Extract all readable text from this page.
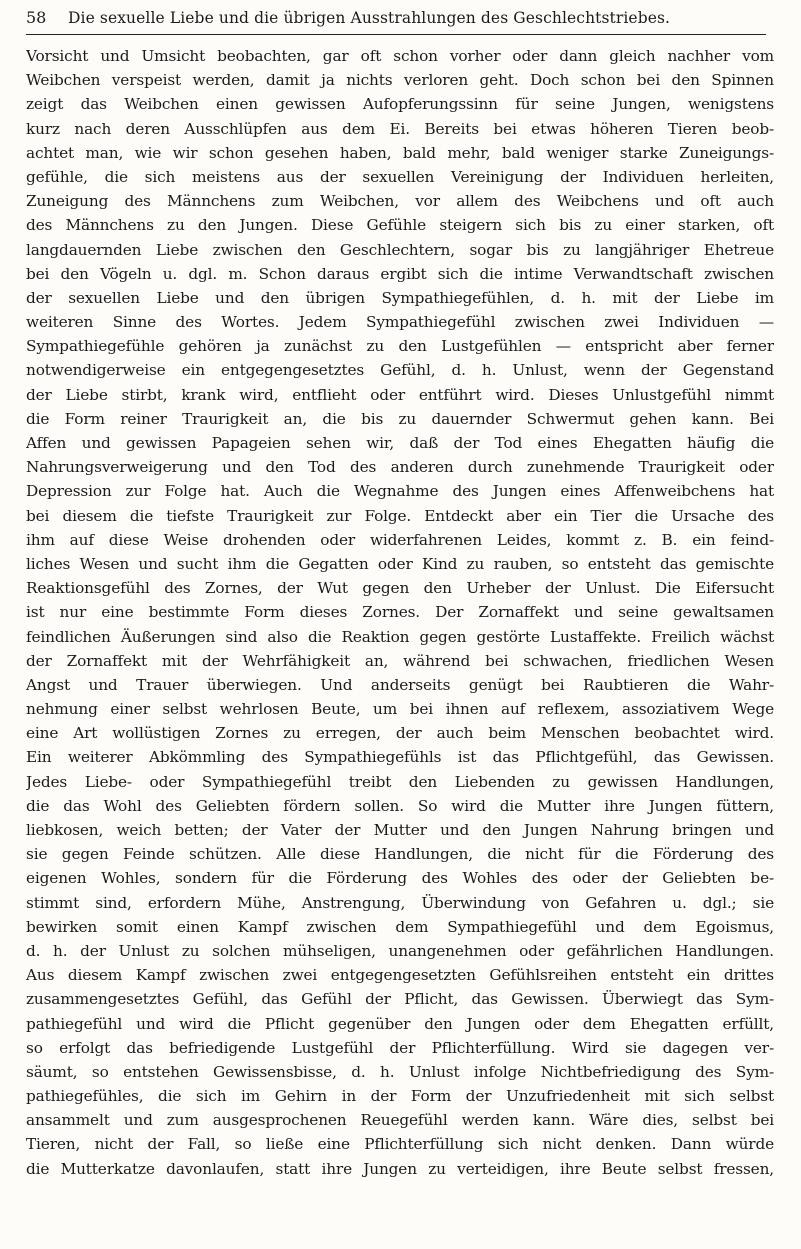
58	Die sexuelle Liebe und die übrigen Ausstrahlungen des Geschlechtstriebes.
Vorsicht und Umsicht beobachten, gar oft schon vorher oder dann gleich nachher vom
Weibchen verspeist werden, damit ja nichts verloren geht. Doch schon bei den Spinnen
zeigt das Weibchen einen gewissen Aufopferungssinn für seine Jungen, wenigstens
kurz nach deren Ausschlüpfen aus dem Ei. Bereits bei etwas höheren Tieren beob-
achtet man, wie wir schon gesehen haben, bald mehr, bald weniger starke Zuneigungs-
gefühle, die sich meistens aus der sexuellen Vereinigung der Individuen herleiten,
Zuneigung des Männchens zum Weibchen, vor allem des Weibchens und oft auch
des Männchens zu den Jungen. Diese Gefühle steigern sich bis zu einer starken, oft
langdauernden Liebe zwischen den Geschlechtern, sogar bis zu langjähriger Ehetreue
bei den Vögeln u. dgl. m. Schon daraus ergibt sich die intime Verwandtschaft zwischen
der sexuellen Liebe und den übrigen Sympathiegefühlen, d. h. mit der Liebe im
weiteren Sinne des Wortes. Jedem Sympathiegefühl zwischen zwei Individuen —
Sympathiegefühle gehören ja zunächst zu den Lustgefühlen — entspricht aber ferner
notwendigerweise ein entgegengesetztes Gefühl, d. h. Unlust, wenn der Gegenstand
der Liebe stirbt, krank wird, entflieht oder entführt wird. Dieses Unlustgefühl nimmt
die Form reiner Traurigkeit an, die bis zu dauernder Schwermut gehen kann. Bei
Affen und gewissen Papageien sehen wir, daß der Tod eines Ehegatten häufig die
Nahrungsverweigerung und den Tod des anderen durch zunehmende Traurigkeit oder
Depression zur Folge hat. Auch die Wegnahme des Jungen eines Affenweibchens hat
bei diesem die tiefste Traurigkeit zur Folge. Entdeckt aber ein Tier die Ursache des
ihm auf diese Weise drohenden oder widerfahrenen Leides, kommt z. B. ein feind-
liches Wesen und sucht ihm die Gegatten oder Kind zu rauben, so entsteht das gemischte
Reaktionsgefühl des Zornes, der Wut gegen den Urheber der Unlust. Die Eifersucht
ist nur eine bestimmte Form dieses Zornes. Der Zornaffekt und seine gewaltsamen
feindlichen Äußerungen sind also die Reaktion gegen gestörte Lustaffekte. Freilich wächst
der Zornaffekt mit der Wehrfähigkeit an, während bei schwachen, friedlichen Wesen
Angst und Trauer überwiegen. Und anderseits genügt bei Raubtieren die Wahr-
nehmung einer selbst wehrlosen Beute, um bei ihnen auf reflexem, assoziativem Wege
eine Art wollüstigen Zornes zu erregen, der auch beim Menschen beobachtet wird.
Ein weiterer Abkömmling des Sympathiegefühls ist das Pflichtgefühl, das Gewissen.
Jedes Liebe- oder Sympathiegefühl treibt den Liebenden zu gewissen Handlungen,
die das Wohl des Geliebten fördern sollen. So wird die Mutter ihre Jungen füttern,
liebkosen, weich betten; der Vater der Mutter und den Jungen Nahrung bringen und
sie gegen Feinde schützen. Alle diese Handlungen, die nicht für die Förderung des
eigenen Wohles, sondern für die Förderung des Wohles des oder der Geliebten be-
stimmt sind, erfordern Mühe, Anstrengung, Überwindung von Gefahren u. dgl.; sie
bewirken somit einen Kampf zwischen dem Sympathiegefühl und dem Egoismus,
d. h. der Unlust zu solchen mühseligen, unangenehmen oder gefährlichen Handlungen.
Aus diesem Kampf zwischen zwei entgegengesetzten Gefühlsreihen entsteht ein drittes
zusammengesetztes Gefühl, das Gefühl der Pflicht, das Gewissen. Überwiegt das Sym-
pathiegefühl und wird die Pflicht gegenüber den Jungen oder dem Ehegatten erfüllt,
so erfolgt das befriedigende Lustgefühl der Pflichterfüllung. Wird sie dagegen ver-
säumt, so entstehen Gewissensbisse, d. h. Unlust infolge Nichtbefriedigung des Sym-
pathiegefühles, die sich im Gehirn in der Form der Unzufriedenheit mit sich selbst
ansammelt und zum ausgesprochenen Reuegefühl werden kann. Wäre dies, selbst bei
Tieren, nicht der Fall, so ließe eine Pflichterfüllung sich nicht denken. Dann würde
die Mutterkatze davonlaufen, statt ihre Jungen zu verteidigen, ihre Beute selbst fressen,
